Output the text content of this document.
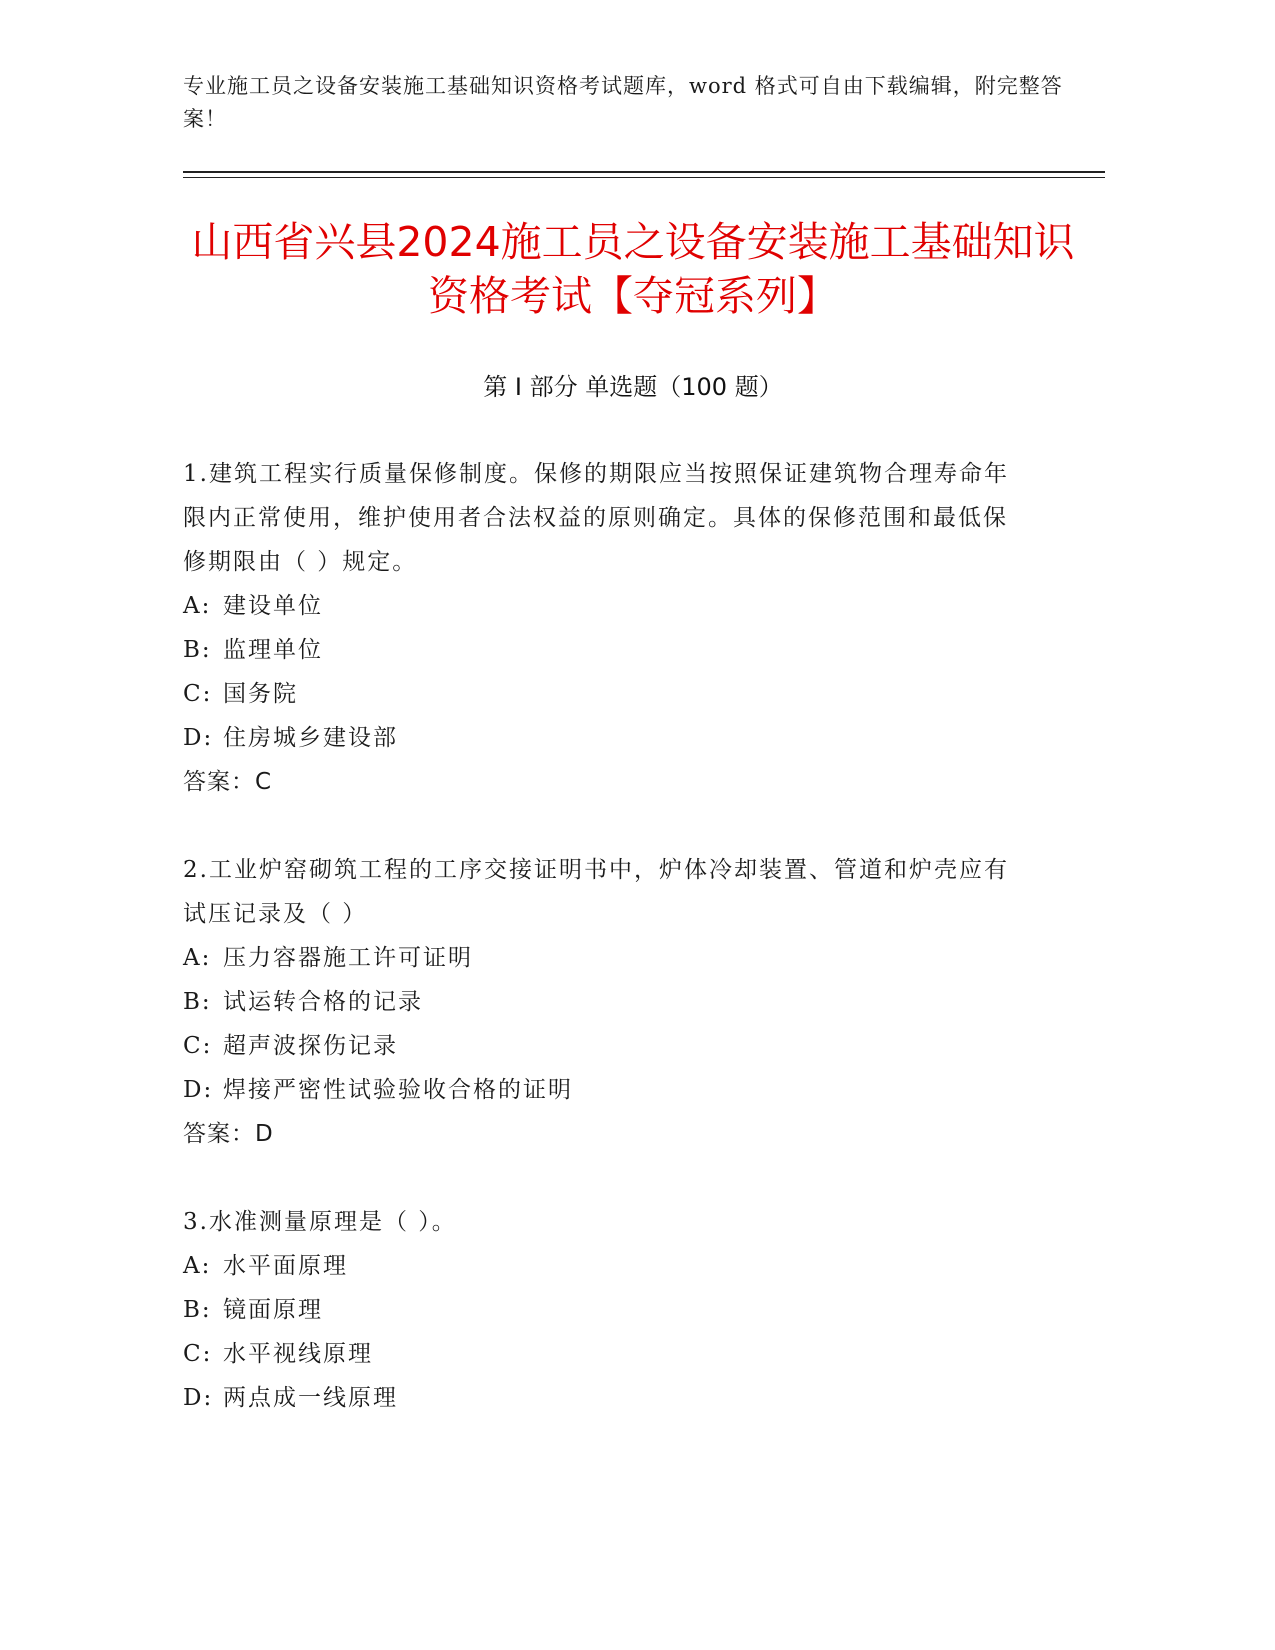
专业施工员之设备安装施工基础知识资格考试题库，word 格式可自由下载编辑，附完整答案！
山西省兴县2024施工员之设备安装施工基础知识资格考试【夺冠系列】
第 I 部分 单选题（100 题）
1.建筑工程实行质量保修制度。保修的期限应当按照保证建筑物合理寿命年限内正常使用，维护使用者合法权益的原则确定。具体的保修范围和最低保修期限由（ ）规定。
A: 建设单位
B: 监理单位
C: 国务院
D: 住房城乡建设部
答案：C
2.工业炉窑砌筑工程的工序交接证明书中，炉体冷却装置、管道和炉壳应有试压记录及（ ）
A: 压力容器施工许可证明
B: 试运转合格的记录
C: 超声波探伤记录
D: 焊接严密性试验验收合格的证明
答案：D
3.水准测量原理是（ ）。
A: 水平面原理
B: 镜面原理
C: 水平视线原理
D: 两点成一线原理
